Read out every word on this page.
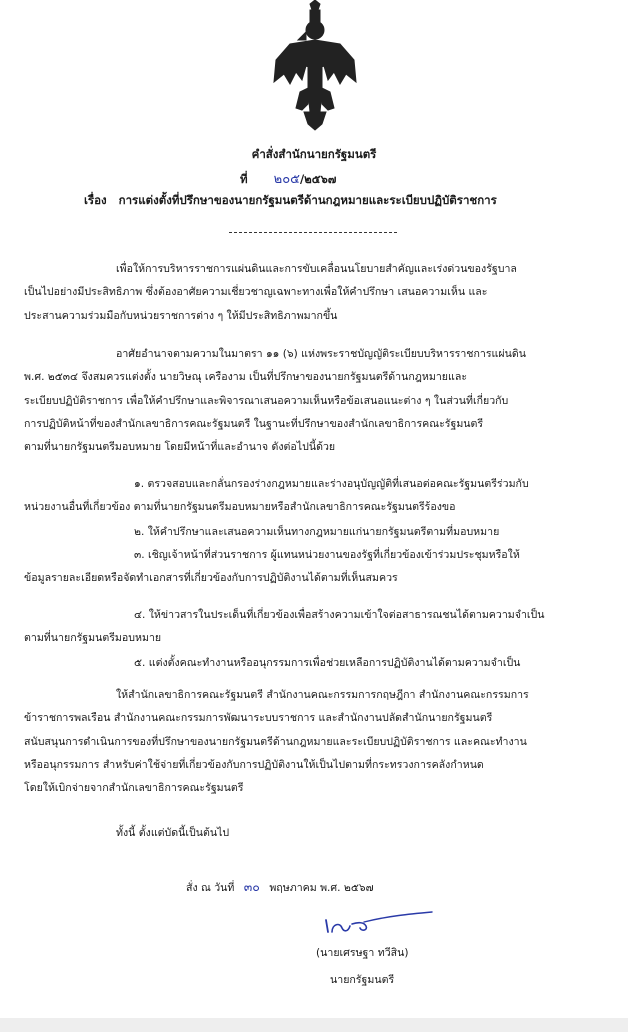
คำสั่งสำนักนายกรัฐมนตรี
ที่ ๒๐๕/๒๕๖๗
เรื่อง การแต่งตั้งที่ปรึกษาของนายกรัฐมนตรีด้านกฎหมายและระเบียบปฏิบัติราชการ
เพื่อให้การบริหารราชการแผ่นดินและการขับเคลื่อนนโยบายสำคัญและเร่งด่วนของรัฐบาล
เป็นไปอย่างมีประสิทธิภาพ ซึ่งต้องอาศัยความเชี่ยวชาญเฉพาะทางเพื่อให้คำปรึกษา เสนอความเห็น และ
ประสานความร่วมมือกับหน่วยราชการต่าง ๆ ให้มีประสิทธิภาพมากขึ้น
อาศัยอำนาจตามความในมาตรา ๑๑ (๖) แห่งพระราชบัญญัติระเบียบบริหารราชการแผ่นดิน
พ.ศ. ๒๕๓๔ จึงสมควรแต่งตั้ง นายวิษณุ เครืองาม เป็นที่ปรึกษาของนายกรัฐมนตรีด้านกฎหมายและ
ระเบียบปฏิบัติราชการ เพื่อให้คำปรึกษาและพิจารณาเสนอความเห็นหรือข้อเสนอแนะต่าง ๆ ในส่วนที่เกี่ยวกับ
การปฏิบัติหน้าที่ของสำนักเลขาธิการคณะรัฐมนตรี ในฐานะที่ปรึกษาของสำนักเลขาธิการคณะรัฐมนตรี
ตามที่นายกรัฐมนตรีมอบหมาย โดยมีหน้าที่และอำนาจ ดังต่อไปนี้ด้วย
๑. ตรวจสอบและกลั่นกรองร่างกฎหมายและร่างอนุบัญญัติที่เสนอต่อคณะรัฐมนตรีร่วมกับ
หน่วยงานอื่นที่เกี่ยวข้อง ตามที่นายกรัฐมนตรีมอบหมายหรือสำนักเลขาธิการคณะรัฐมนตรีร้องขอ
๒. ให้คำปรึกษาและเสนอความเห็นทางกฎหมายแก่นายกรัฐมนตรีตามที่มอบหมาย
๓. เชิญเจ้าหน้าที่ส่วนราชการ ผู้แทนหน่วยงานของรัฐที่เกี่ยวข้องเข้าร่วมประชุมหรือให้
ข้อมูลรายละเอียดหรือจัดทำเอกสารที่เกี่ยวข้องกับการปฏิบัติงานได้ตามที่เห็นสมควร
๔. ให้ข่าวสารในประเด็นที่เกี่ยวข้องเพื่อสร้างความเข้าใจต่อสาธารณชนได้ตามความจำเป็น
ตามที่นายกรัฐมนตรีมอบหมาย
๕. แต่งตั้งคณะทำงานหรืออนุกรรมการเพื่อช่วยเหลือการปฏิบัติงานได้ตามความจำเป็น
ให้สำนักเลขาธิการคณะรัฐมนตรี สำนักงานคณะกรรมการกฤษฎีกา สำนักงานคณะกรรมการ
ข้าราชการพลเรือน สำนักงานคณะกรรมการพัฒนาระบบราชการ และสำนักงานปลัดสำนักนายกรัฐมนตรี
สนับสนุนการดำเนินการของที่ปรึกษาของนายกรัฐมนตรีด้านกฎหมายและระเบียบปฏิบัติราชการ และคณะทำงาน
หรืออนุกรรมการ สำหรับค่าใช้จ่ายที่เกี่ยวข้องกับการปฏิบัติงานให้เป็นไปตามที่กระทรวงการคลังกำหนด
โดยให้เบิกจ่ายจากสำนักเลขาธิการคณะรัฐมนตรี
ทั้งนี้ ตั้งแต่บัดนี้เป็นต้นไป
สั่ง ณ วันที่ ๓๐ พฤษภาคม พ.ศ. ๒๕๖๗
(นายเศรษฐา ทวีสิน)
นายกรัฐมนตรี
